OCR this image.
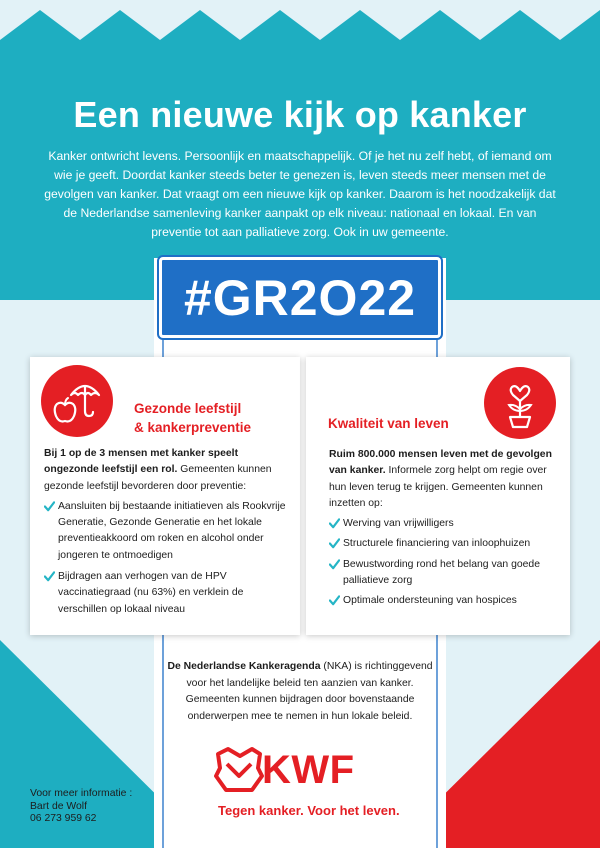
Een nieuwe kijk op kanker
Kanker ontwricht levens. Persoonlijk en maatschappelijk. Of je het nu zelf hebt, of iemand om wie je geeft. Doordat kanker steeds beter te genezen is, leven steeds meer mensen met de gevolgen van kanker. Dat vraagt om een nieuwe kijk op kanker. Daarom is het noodzakelijk dat de Nederlandse samenleving kanker aanpakt op elk niveau: nationaal en lokaal. En van preventie tot aan palliatieve zorg. Ook in uw gemeente.
#GR2O22
Gezonde leefstijl
& kankerpreventie

Bij 1 op de 3 mensen met kanker speelt ongezonde leefstijl een rol. Gemeenten kunnen gezonde leefstijl bevorderen door preventie:

Aansluiten bij bestaande initiatieven als Rookvrije Generatie, Gezonde Generatie en het lokale preventieakkoord om roken en alcohol onder jongeren te ontmoedigen
Bijdragen aan verhogen van de HPV vaccinatiegraad (nu 63%) en verklein de verschillen op lokaal niveau
Kwaliteit van leven

Ruim 800.000 mensen leven met de gevolgen van kanker. Informele zorg helpt om regie over hun leven terug te krijgen. Gemeenten kunnen inzetten op:

Werving van vrijwilligers
Structurele financiering van inloophuizen
Bewustwording rond het belang van goede palliatieve zorg
Optimale ondersteuning van hospices
De Nederlandse Kankeragenda (NKA) is richtinggevend voor het landelijke beleid ten aanzien van kanker. Gemeenten kunnen bijdragen door bovenstaande onderwerpen mee te nemen in hun lokale beleid.
KWF
Tegen kanker. Voor het leven.
Voor meer informatie :
Bart de Wolf
06 273 959 62
